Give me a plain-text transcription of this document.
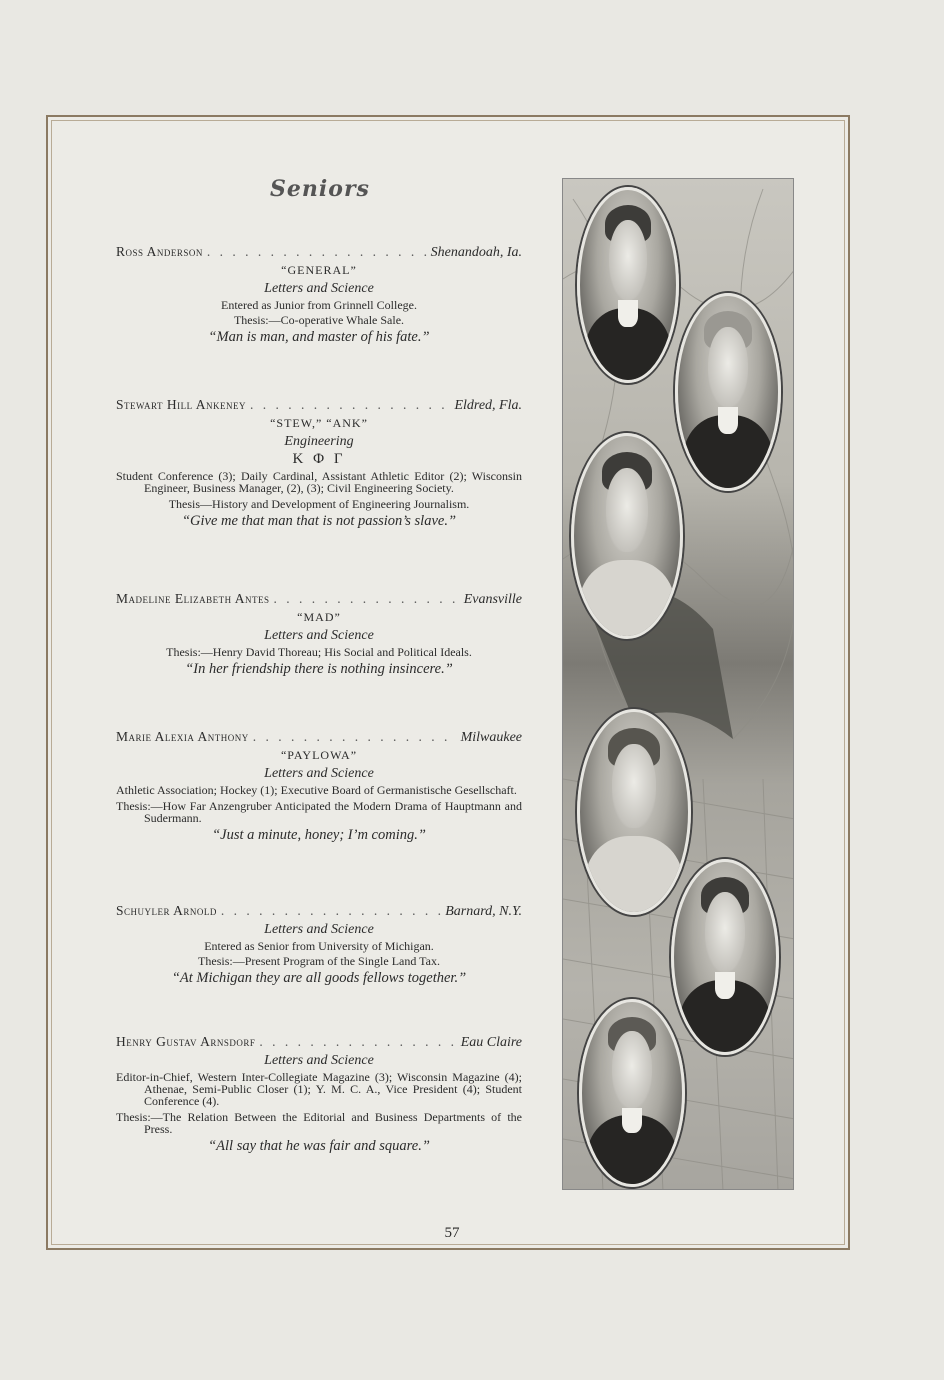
Seniors
Ross Anderson . . .	Shenandoah, Ia.
“GENERAL”
Letters and Science
Entered as Junior from Grinnell College.
Thesis:—Co-operative Whale Sale.
“Man is man, and master of his fate.”
Stewart Hill Ankeney . . .	Eldred, Fla.
“STEW,” “ANK”
Engineering
Κ Φ Γ
Student Conference (3); Daily Cardinal, Assistant Athletic Editor (2); Wisconsin Engineer, Business Manager, (2), (3); Civil Engineering Society.
Thesis—History and Development of Engineering Journalism.
“Give me that man that is not passion’s slave.”
Madeline Elizabeth Antes . . .	Evansville
“MAD”
Letters and Science
Thesis:—Henry David Thoreau; His Social and Political Ideals.
“In her friendship there is nothing insincere.”
Marie Alexia Anthony . . .	Milwaukee
“PAYLOWA”
Letters and Science
Athletic Association; Hockey (1); Executive Board of Germanistische Gesellschaft.
Thesis:—How Far Anzengruber Anticipated the Modern Drama of Hauptmann and Sudermann.
“Just a minute, honey; I’m coming.”
Schuyler Arnold . . .	Barnard, N.Y.
Letters and Science
Entered as Senior from University of Michigan.
Thesis:—Present Program of the Single Land Tax.
“At Michigan they are all goods fellows together.”
Henry Gustav Arnsdorf . . .	Eau Claire
Letters and Science
Editor-in-Chief, Western Inter-Collegiate Magazine (3); Wisconsin Magazine (4); Athenae, Semi-Public Closer (1); Y. M. C. A., Vice President (4); Student Conference (4).
Thesis:—The Relation Between the Editorial and Business Departments of the Press.
“All say that he was fair and square.”
57
